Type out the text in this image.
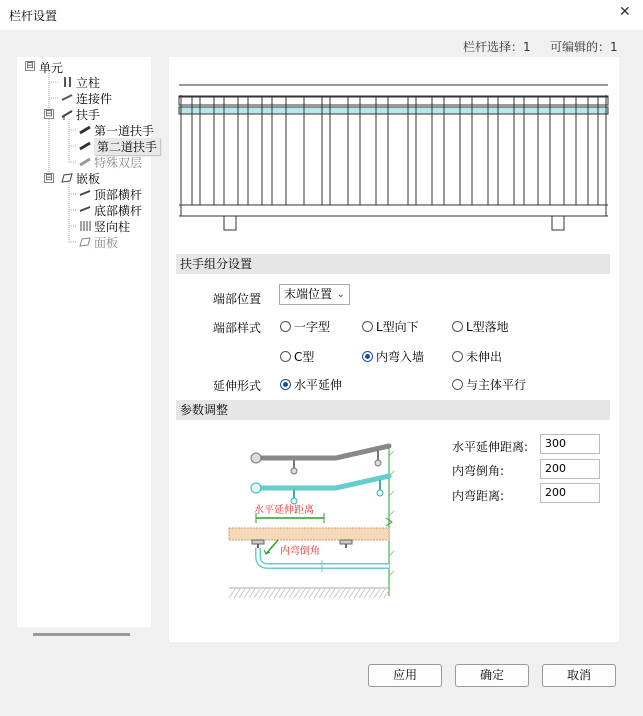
栏杆设置	✕
栏杆选择：1 可编辑的：1
⊟ 单元
立柱
连接件
⊟ 扶手
第一道扶手
第二道扶手
特殊双层
⊟ 嵌板
顶部横杆
底部横杆
竖向柱
面板
扶手组分设置
端部位置	末端位置 ⌄
端部样式	一字型	L型向下	L型落地
C型	内弯入墙	未伸出
延伸形式	水平延伸	与主体平行
参数调整
水平延伸距离
内弯倒角
水平延伸距离:	300
内弯倒角:	200
内弯距离:	200
应用	确定	取消
